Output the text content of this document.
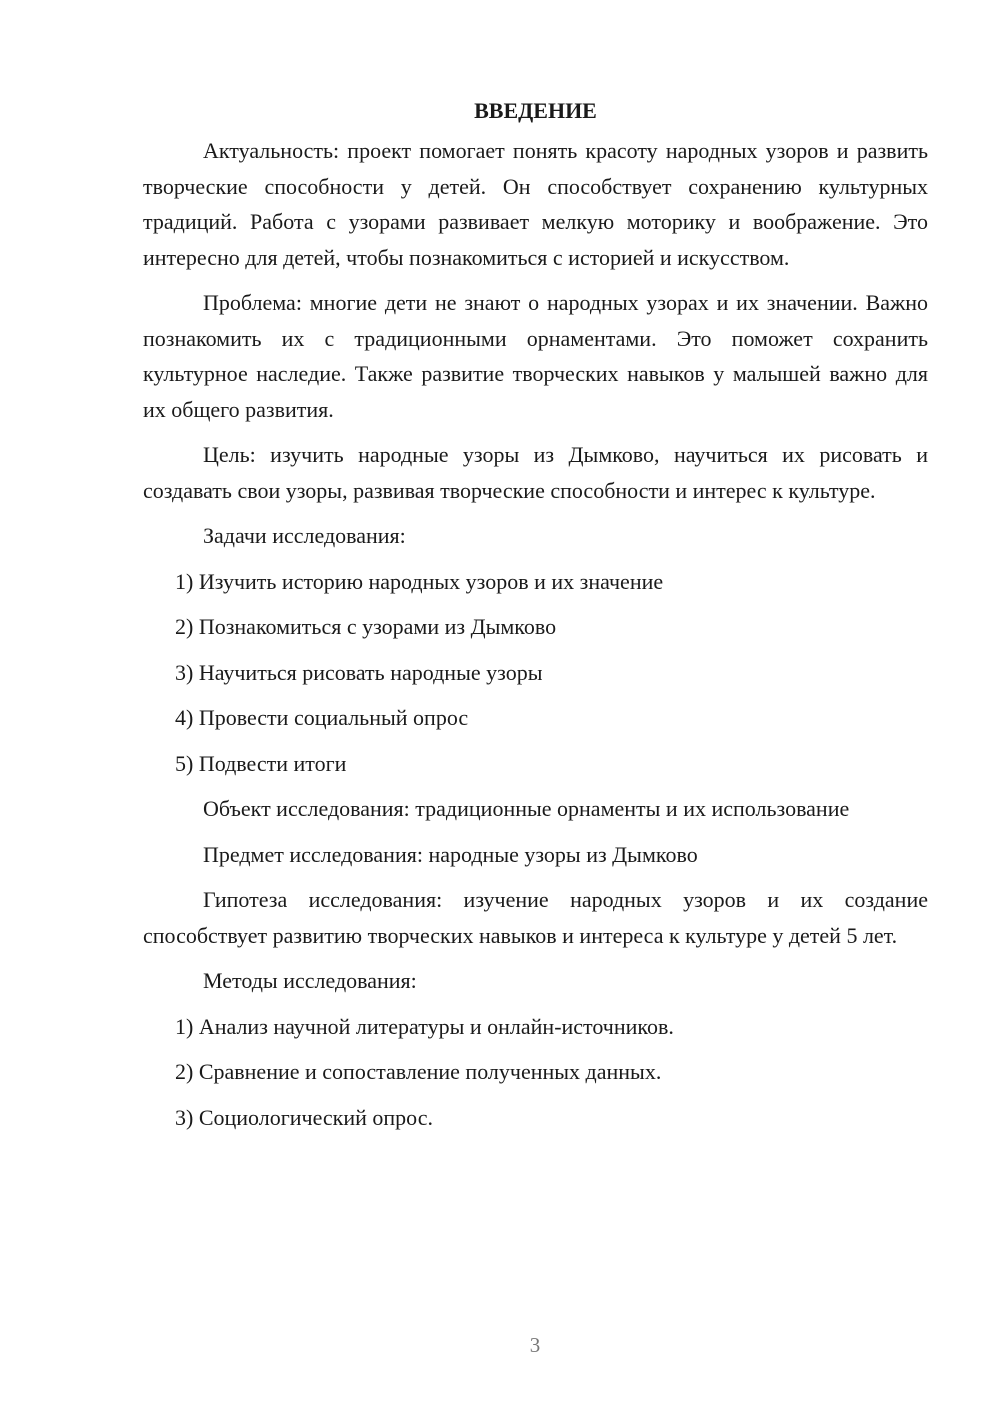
ВВЕДЕНИЕ

Актуальность: проект помогает понять красоту народных узоров и развить творческие способности у детей. Он способствует сохранению культурных традиций. Работа с узорами развивает мелкую моторику и воображение. Это интересно для детей, чтобы познакомиться с историей и искусством.

Проблема: многие дети не знают о народных узорах и их значении. Важно познакомить их с традиционными орнаментами. Это поможет сохранить культурное наследие. Также развитие творческих навыков у малышей важно для их общего развития.

Цель: изучить народные узоры из Дымково, научиться их рисовать и создавать свои узоры, развивая творческие способности и интерес к культуре.

Задачи исследования:
1) Изучить историю народных узоров и их значение
2) Познакомиться с узорами из Дымково
3) Научиться рисовать народные узоры
4) Провести социальный опрос
5) Подвести итоги

Объект исследования: традиционные орнаменты и их использование

Предмет исследования: народные узоры из Дымково

Гипотеза исследования: изучение народных узоров и их создание способствует развитию творческих навыков и интереса к культуре у детей 5 лет.

Методы исследования:
1) Анализ научной литературы и онлайн-источников.
2) Сравнение и сопоставление полученных данных.
3) Социологический опрос.
3
